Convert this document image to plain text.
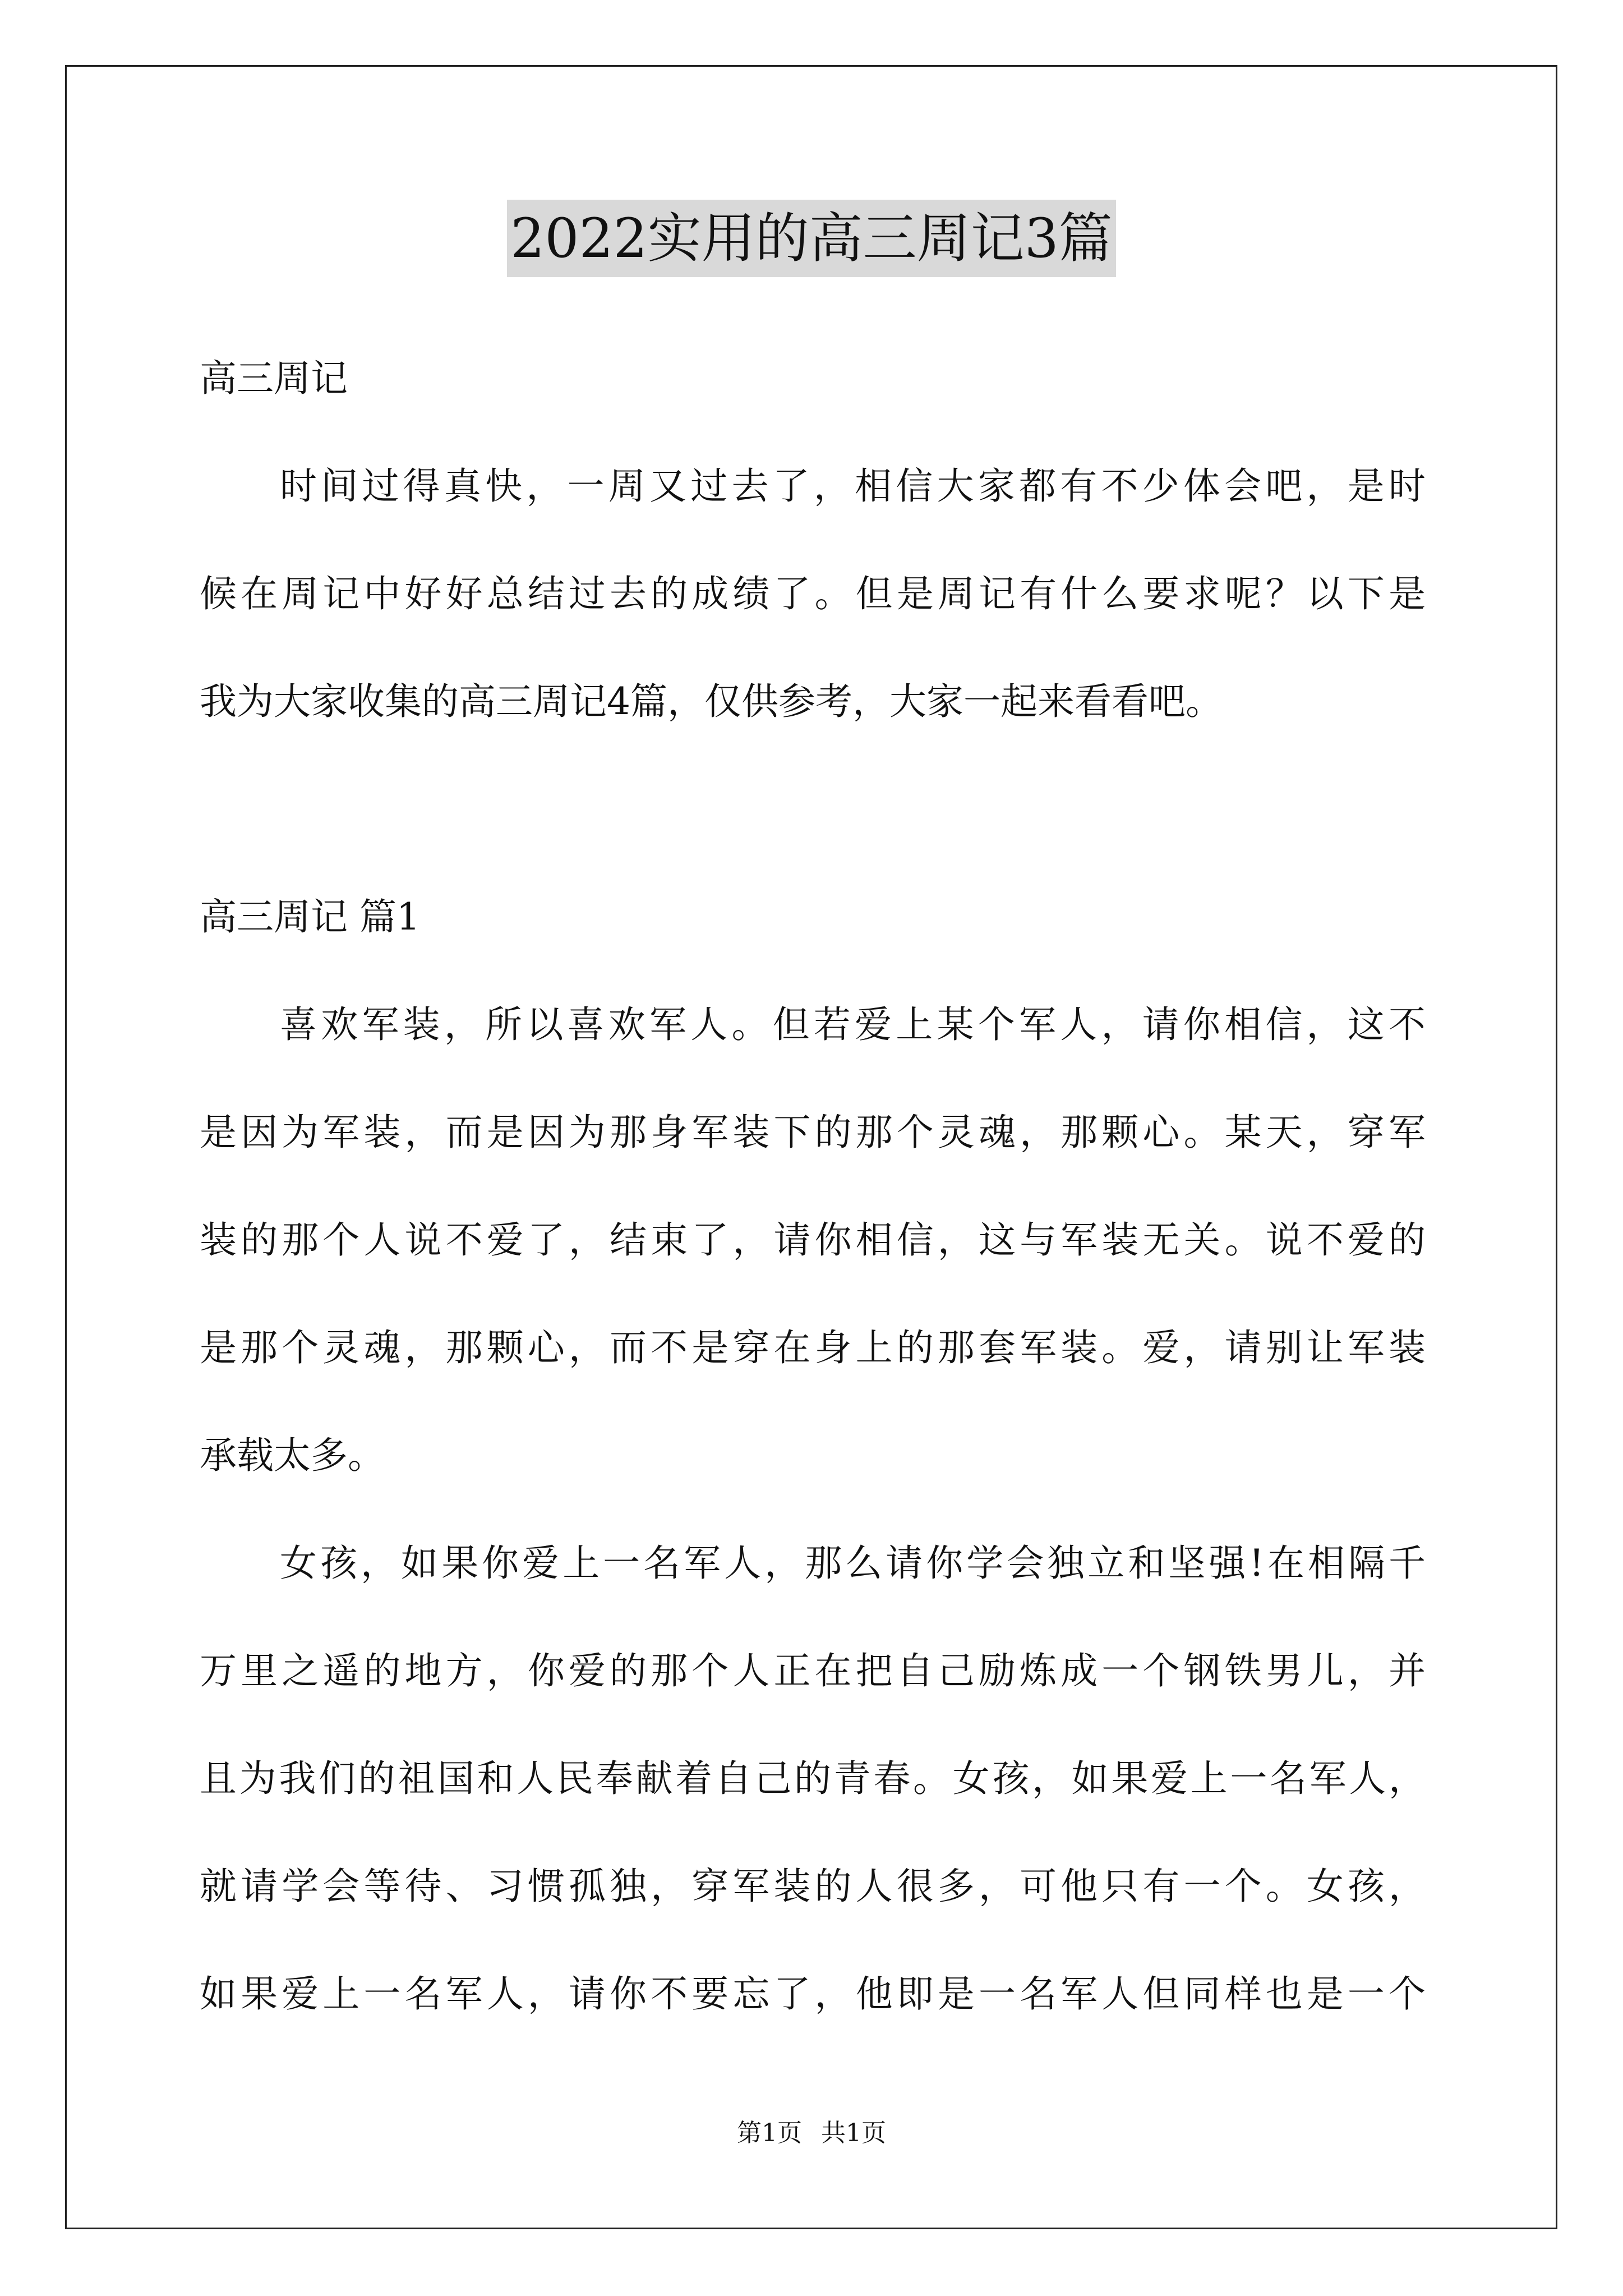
2022实用的高三周记3篇
高三周记
时间过得真快，一周又过去了，相信大家都有不少体会吧，是时
候在周记中好好总结过去的成绩了。但是周记有什么要求呢？以下是
我为大家收集的高三周记4篇，仅供参考，大家一起来看看吧。
高三周记 篇1
喜欢军装，所以喜欢军人。但若爱上某个军人，请你相信，这不
是因为军装，而是因为那身军装下的那个灵魂，那颗心。某天，穿军
装的那个人说不爱了，结束了，请你相信，这与军装无关。说不爱的
是那个灵魂，那颗心，而不是穿在身上的那套军装。爱，请别让军装
承载太多。
女孩，如果你爱上一名军人，那么请你学会独立和坚强!在相隔千
万里之遥的地方，你爱的那个人正在把自己励炼成一个钢铁男儿，并
且为我们的祖国和人民奉献着自己的青春。女孩，如果爱上一名军人，
就请学会等待、习惯孤独，穿军装的人很多，可他只有一个。女孩，
如果爱上一名军人，请你不要忘了，他即是一名军人但同样也是一个
第1页 共1页
